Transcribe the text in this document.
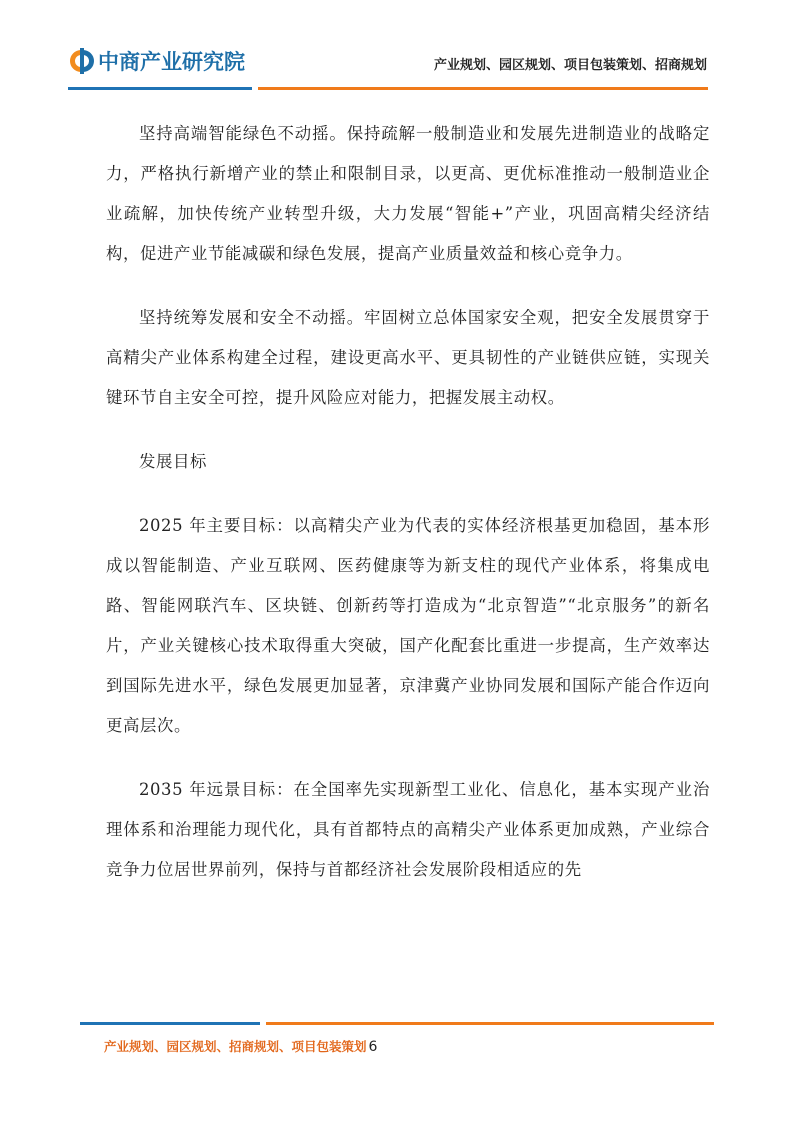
中商产业研究院	产业规划、园区规划、项目包装策划、招商规划

坚持高端智能绿色不动摇。保持疏解一般制造业和发展先进制造业的战略定力，严格执行新增产业的禁止和限制目录，以更高、更优标准推动一般制造业企业疏解，加快传统产业转型升级，大力发展“智能+”产业，巩固高精尖经济结构，促进产业节能减碳和绿色发展，提高产业质量效益和核心竞争力。

坚持统筹发展和安全不动摇。牢固树立总体国家安全观，把安全发展贯穿于高精尖产业体系构建全过程，建设更高水平、更具韧性的产业链供应链，实现关键环节自主安全可控，提升风险应对能力，把握发展主动权。

发展目标

2025 年主要目标：以高精尖产业为代表的实体经济根基更加稳固，基本形成以智能制造、产业互联网、医药健康等为新支柱的现代产业体系，将集成电路、智能网联汽车、区块链、创新药等打造成为“北京智造”“北京服务”的新名片，产业关键核心技术取得重大突破，国产化配套比重进一步提高，生产效率达到国际先进水平，绿色发展更加显著，京津冀产业协同发展和国际产能合作迈向更高层次。

2035 年远景目标：在全国率先实现新型工业化、信息化，基本实现产业治理体系和治理能力现代化，具有首都特点的高精尖产业体系更加成熟，产业综合竞争力位居世界前列，保持与首都经济社会发展阶段相适应的先

产业规划、园区规划、招商规划、项目包装策划 6
